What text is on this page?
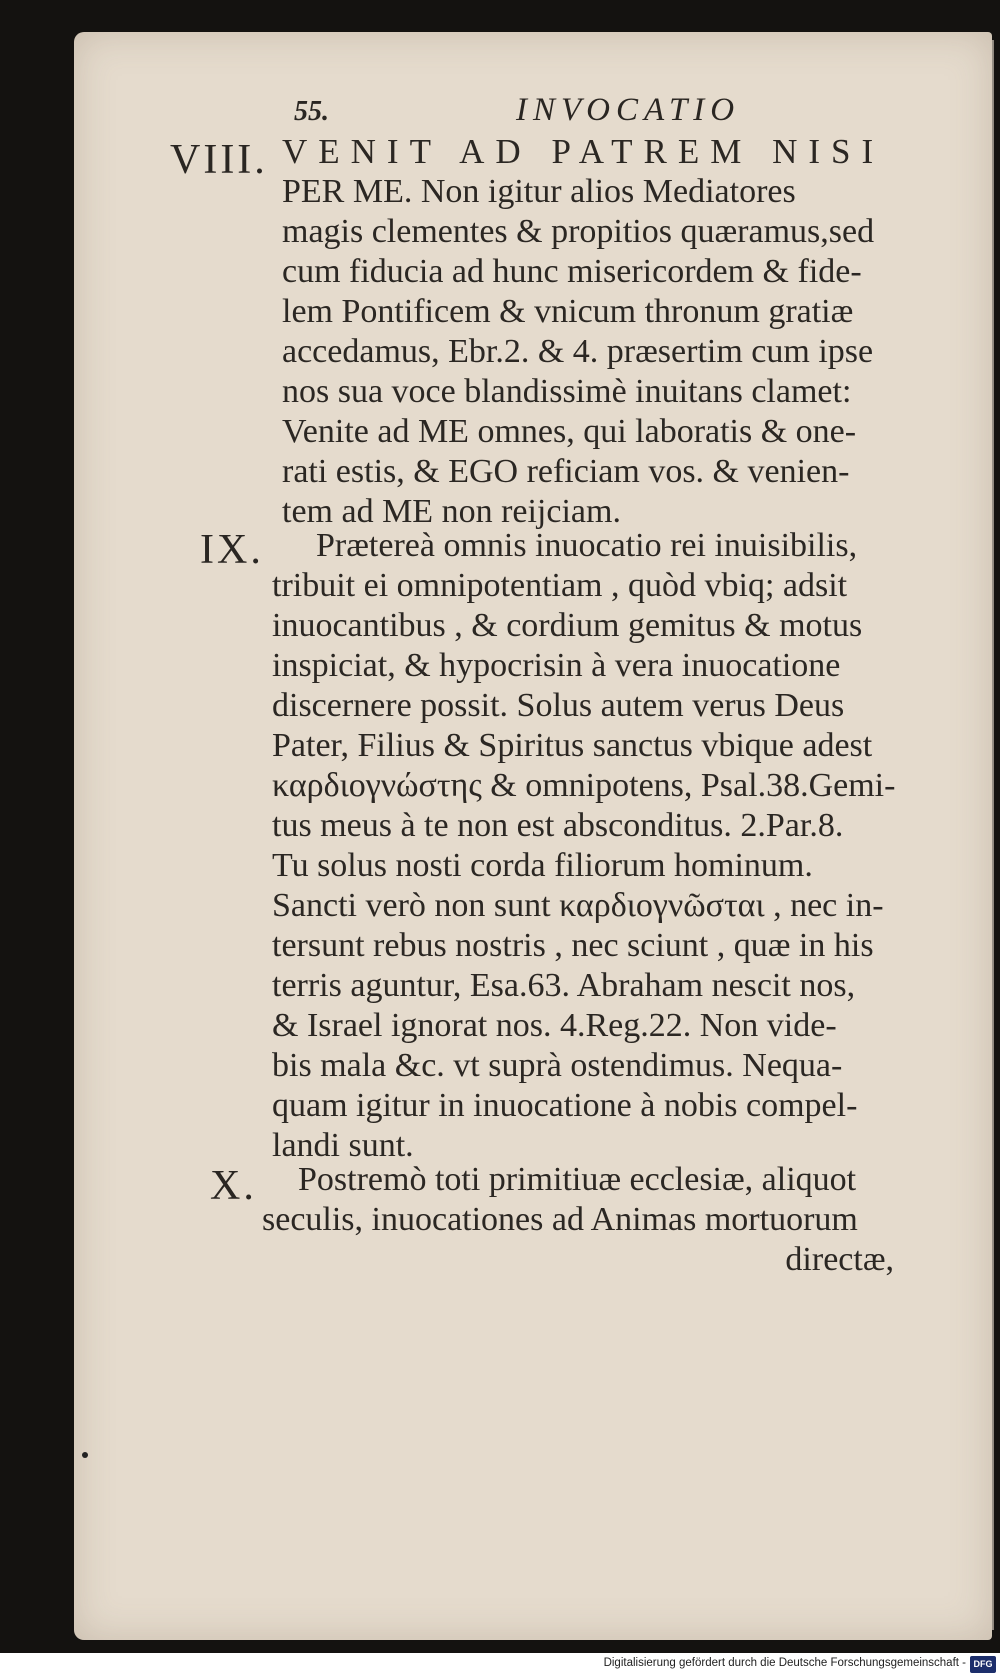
55.	INVOCATIO
VIII.
IX.
X.
VENIT AD PATREM NISI
PER ME. Non igitur alios Mediatores
magis clementes & propitios quæramus,sed
cum fiducia ad hunc misericordem & fide-
lem Pontificem & vnicum thronum gratiæ
accedamus, Ebr.2. & 4. præsertim cum ipse
nos sua voce blandissimè inuitans clamet:
Venite ad ME omnes, qui laboratis & one-
rati estis, & EGO reficiam vos. & venien-
tem ad ME non reijciam.
Prætereà omnis inuocatio rei inuisibilis,
tribuit ei omnipotentiam , quòd vbiq; adsit
inuocantibus , & cordium gemitus & motus
inspiciat, & hypocrisin à vera inuocatione
discernere possit. Solus autem verus Deus
Pater, Filius & Spiritus sanctus vbique adest
καρδιογνώστης & omnipotens, Psal.38.Gemi-
tus meus à te non est absconditus. 2.Par.8.
Tu solus nosti corda filiorum hominum.
Sancti verò non sunt καρδιογνῶσται , nec in-
tersunt rebus nostris , nec sciunt , quæ in his
terris aguntur, Esa.63. Abraham nescit nos,
& Israel ignorat nos. 4.Reg.22. Non vide-
bis mala &c. vt suprà ostendimus. Nequa-
quam igitur in inuocatione à nobis compel-
landi sunt.
Postremò toti primitiuæ ecclesiæ, aliquot
seculis, inuocationes ad Animas mortuorum
directæ,
Digitalisierung gefördert durch die Deutsche Forschungsgemeinschaft - DFG
